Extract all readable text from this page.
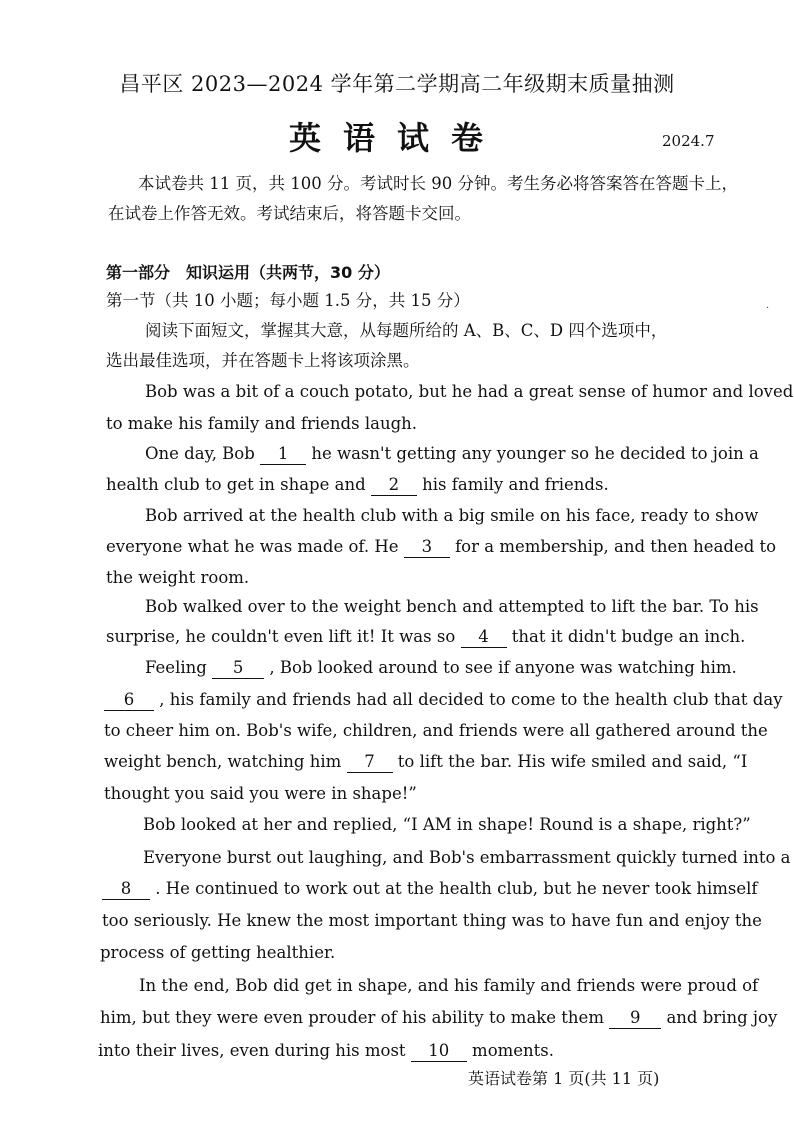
昌平区 2023—2024 学年第二学期高二年级期末质量抽测
英语试卷	2024.7
·
本试卷共 11 页，共 100 分。考试时长 90 分钟。考生务必将答案答在答题卡上，
在试卷上作答无效。考试结束后，将答题卡交回。
第一部分　知识运用（共两节，30 分）
第一节（共 10 小题；每小题 1.5 分，共 15 分）
阅读下面短文，掌握其大意，从每题所给的 A、B、C、D 四个选项中，
选出最佳选项，并在答题卡上将该项涂黑。
Bob was a bit of a couch potato, but he had a great sense of humor and loved
to make his family and friends laugh.
One day, Bob 1 he wasn't getting any younger so he decided to join a
health club to get in shape and 2 his family and friends.
Bob arrived at the health club with a big smile on his face, ready to show
everyone what he was made of. He 3 for a membership, and then headed to
the weight room.
Bob walked over to the weight bench and attempted to lift the bar. To his
surprise, he couldn't even lift it! It was so 4 that it didn't budge an inch.
Feeling 5 , Bob looked around to see if anyone was watching him.
6 , his family and friends had all decided to come to the health club that day
to cheer him on. Bob's wife, children, and friends were all gathered around the
weight bench, watching him 7 to lift the bar. His wife smiled and said, “I
thought you said you were in shape!”
Bob looked at her and replied, “I AM in shape! Round is a shape, right?”
Everyone burst out laughing, and Bob's embarrassment quickly turned into a
8 . He continued to work out at the health club, but he never took himself
too seriously. He knew the most important thing was to have fun and enjoy the
process of getting healthier.
In the end, Bob did get in shape, and his family and friends were proud of
him, but they were even prouder of his ability to make them 9 and bring joy
into their lives, even during his most 10 moments.
英语试卷第 1 页(共 11 页)
